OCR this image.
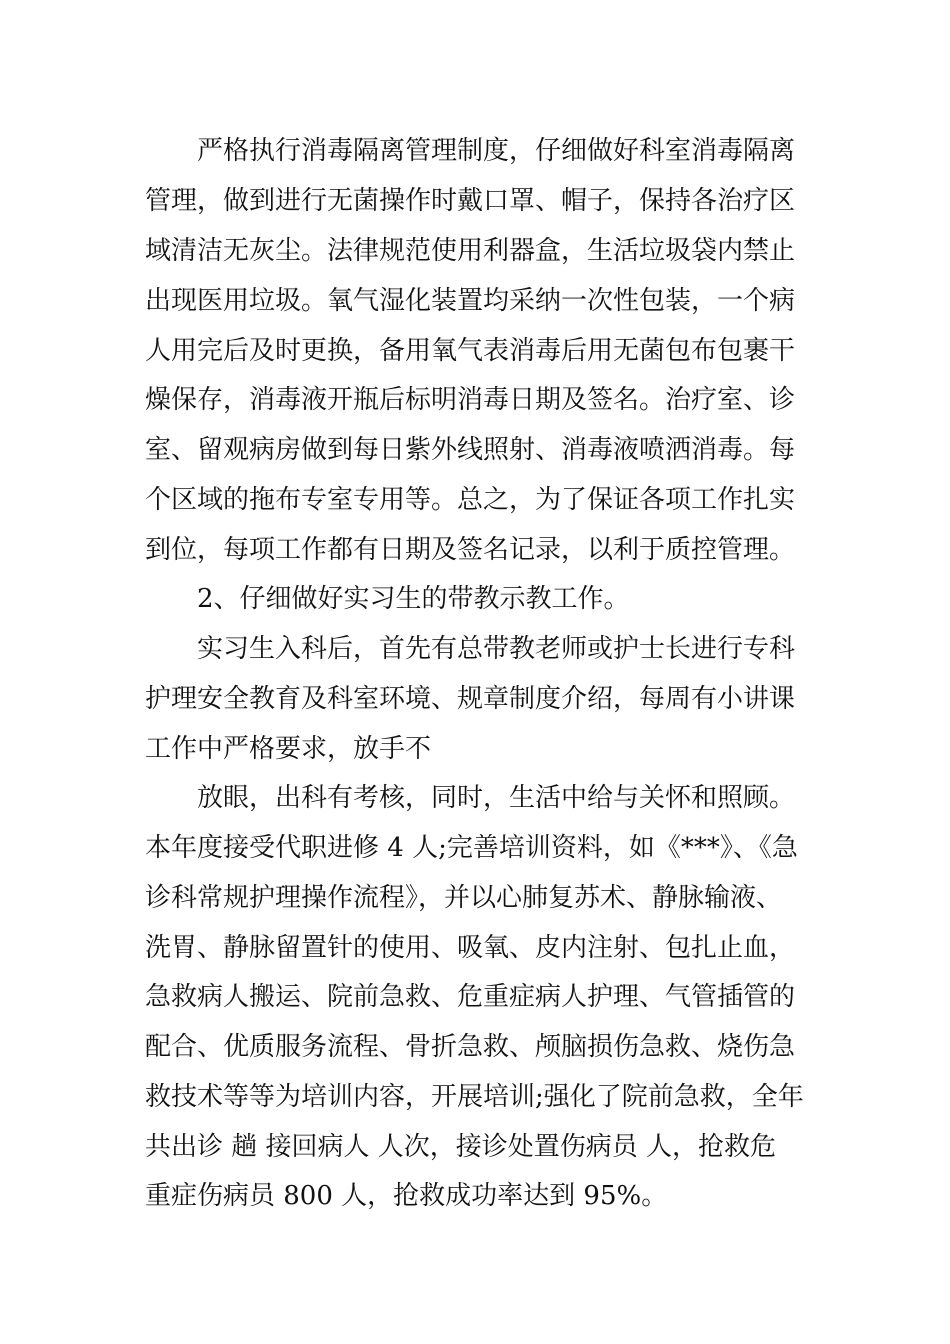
严格执行消毒隔离管理制度，仔细做好科室消毒隔离
管理，做到进行无菌操作时戴口罩、帽子，保持各治疗区
域清洁无灰尘。法律规范使用利器盒，生活垃圾袋内禁止
出现医用垃圾。氧气湿化装置均采纳一次性包装，一个病
人用完后及时更换，备用氧气表消毒后用无菌包布包裹干
燥保存，消毒液开瓶后标明消毒日期及签名。治疗室、诊
室、留观病房做到每日紫外线照射、消毒液喷洒消毒。每
个区域的拖布专室专用等。总之，为了保证各项工作扎实
到位，每项工作都有日期及签名记录，以利于质控管理。
2、仔细做好实习生的带教示教工作。
实习生入科后，首先有总带教老师或护士长进行专科
护理安全教育及科室环境、规章制度介绍，每周有小讲课
工作中严格要求，放手不
放眼，出科有考核，同时，生活中给与关怀和照顾。
本年度接受代职进修 4 人;完善培训资料，如《***》、《急
诊科常规护理操作流程》，并以心肺复苏术、静脉输液、
洗胃、静脉留置针的使用、吸氧、皮内注射、包扎止血，
急救病人搬运、院前急救、危重症病人护理、气管插管的
配合、优质服务流程、骨折急救、颅脑损伤急救、烧伤急
救技术等等为培训内容，开展培训;强化了院前急救，全年
共出诊 趟 接回病人 人次，接诊处置伤病员 人，抢救危
重症伤病员 800 人，抢救成功率达到 95%。
